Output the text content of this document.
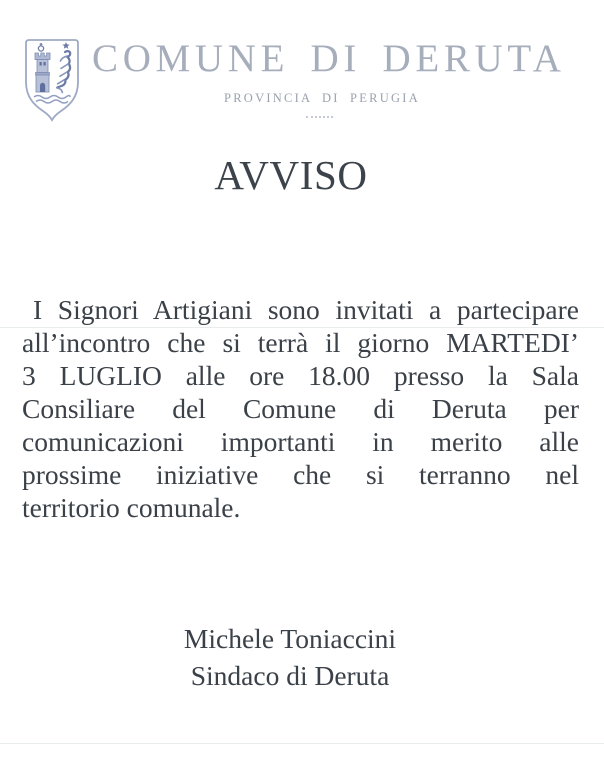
COMUNE DI DERUTA
PROVINCIA DI PERUGIA
AVVISO
I Signori Artigiani sono invitati a partecipare
all’incontro che si terrà il giorno MARTEDI’
3 LUGLIO alle ore 18.00 presso la Sala
Consiliare del Comune di Deruta per
comunicazioni importanti in merito alle
prossime iniziative che si terranno nel
territorio comunale.
Michele Toniaccini
Sindaco di Deruta
